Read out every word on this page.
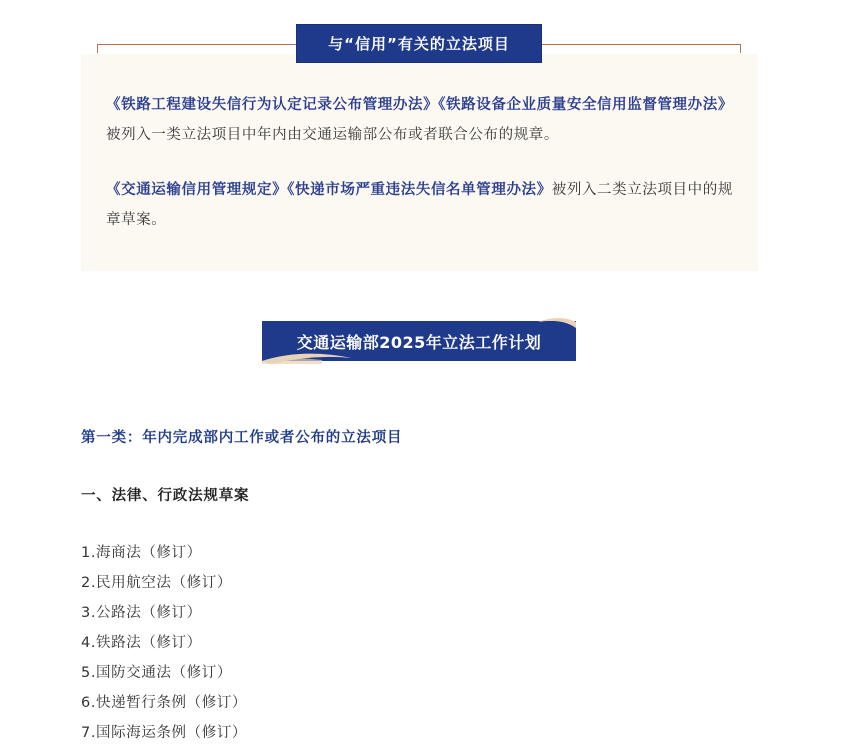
与“信用”有关的立法项目

《铁路工程建设失信行为认定记录公布管理办法》《铁路设备企业质量安全信用监督管理办法》被列入一类立法项目中年内由交通运输部公布或者联合公布的规章。

《交通运输信用管理规定》《快递市场严重违法失信名单管理办法》被列入二类立法项目中的规章草案。

交通运输部2025年立法工作计划
第一类：年内完成部内工作或者公布的立法项目
一、法律、行政法规草案
1.海商法（修订）
2.民用航空法（修订）
3.公路法（修订）
4.铁路法（修订）
5.国防交通法（修订）
6.快递暂行条例（修订）
7.国际海运条例（修订）
